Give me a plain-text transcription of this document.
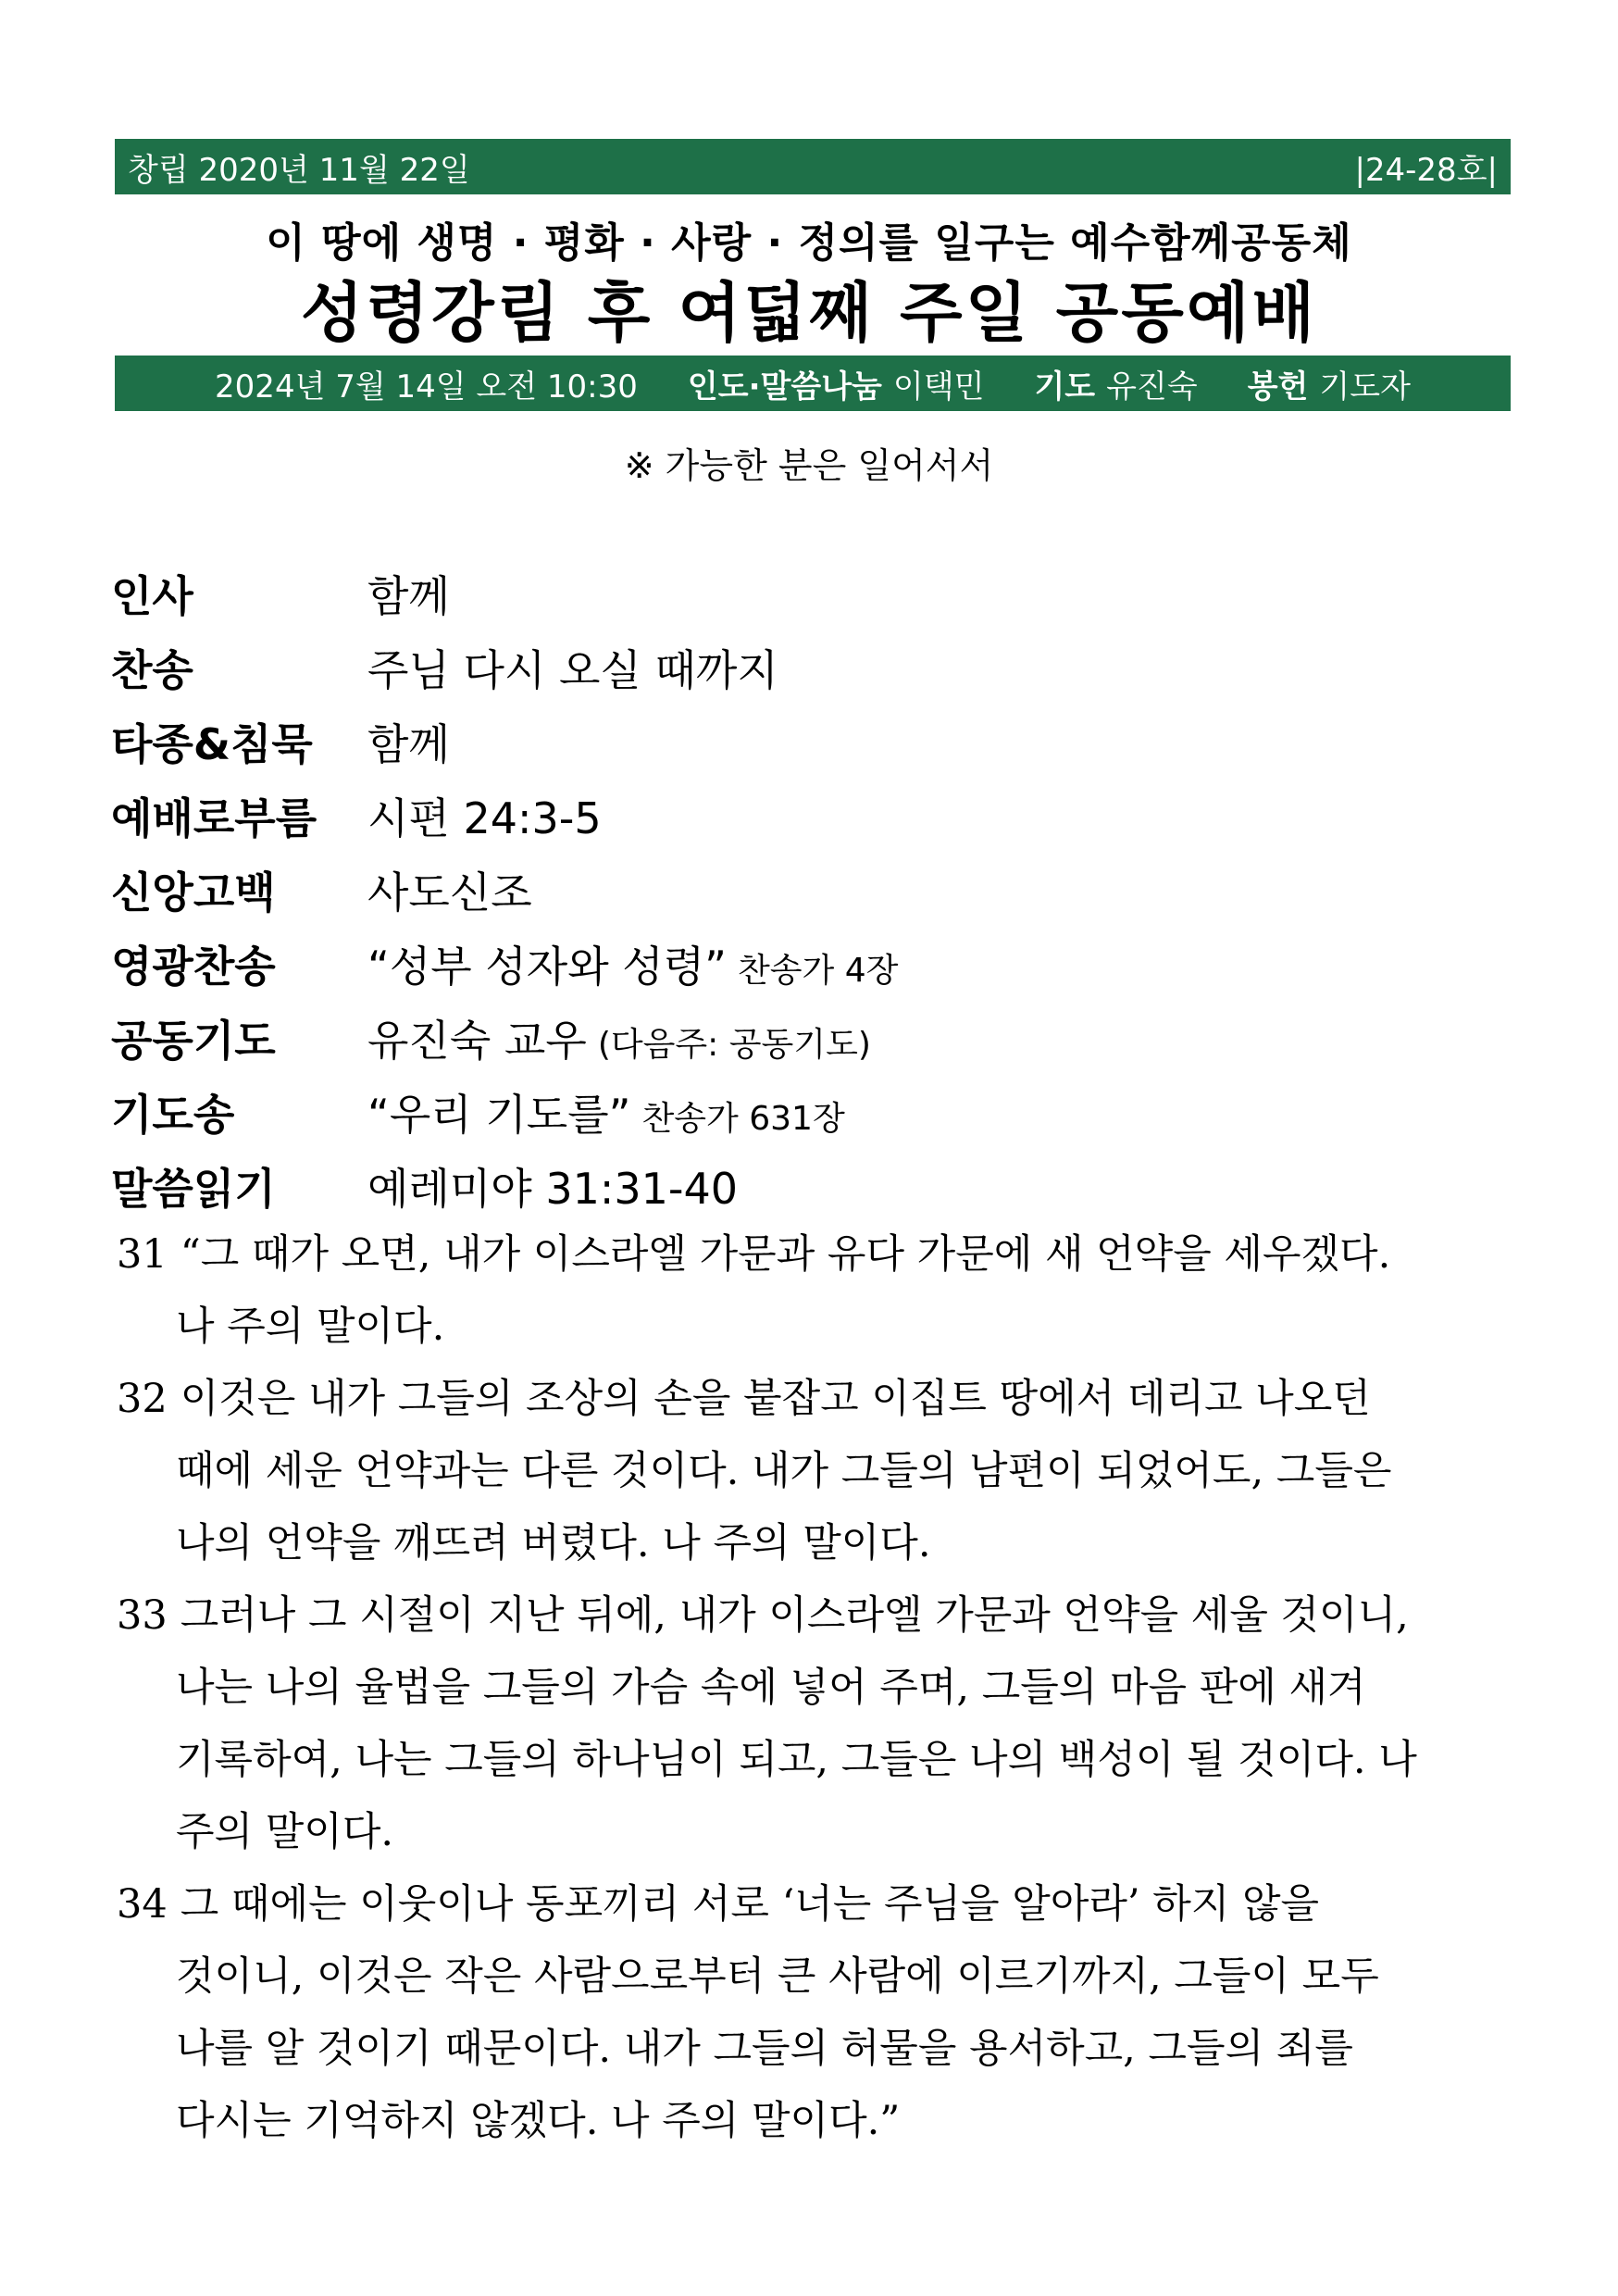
창립 2020년 11월 22일	|24-28호|
이 땅에 생명 · 평화 · 사랑 · 정의를 일구는 예수함께공동체
성령강림 후 여덟째 주일 공동예배
2024년 7월 14일 오전 10:30 인도·말씀나눔 이택민 기도 유진숙 봉헌 기도자
※ 가능한 분은 일어서서
인사	함께
찬송	주님 다시 오실 때까지
타종&침묵	함께
예배로부름	시편 24:3-5
신앙고백	사도신조
영광찬송	“성부 성자와 성령” 찬송가 4장
공동기도	유진숙 교우 (다음주: 공동기도)
기도송	“우리 기도를” 찬송가 631장
말씀읽기	예레미야 31:31-40
31 “그 때가 오면, 내가 이스라엘 가문과 유다 가문에 새 언약을 세우겠다.
나 주의 말이다.
32 이것은 내가 그들의 조상의 손을 붙잡고 이집트 땅에서 데리고 나오던
때에 세운 언약과는 다른 것이다. 내가 그들의 남편이 되었어도, 그들은
나의 언약을 깨뜨려 버렸다. 나 주의 말이다.
33 그러나 그 시절이 지난 뒤에, 내가 이스라엘 가문과 언약을 세울 것이니,
나는 나의 율법을 그들의 가슴 속에 넣어 주며, 그들의 마음 판에 새겨
기록하여, 나는 그들의 하나님이 되고, 그들은 나의 백성이 될 것이다. 나
주의 말이다.
34 그 때에는 이웃이나 동포끼리 서로 ‘너는 주님을 알아라’ 하지 않을
것이니, 이것은 작은 사람으로부터 큰 사람에 이르기까지, 그들이 모두
나를 알 것이기 때문이다. 내가 그들의 허물을 용서하고, 그들의 죄를
다시는 기억하지 않겠다. 나 주의 말이다.”
